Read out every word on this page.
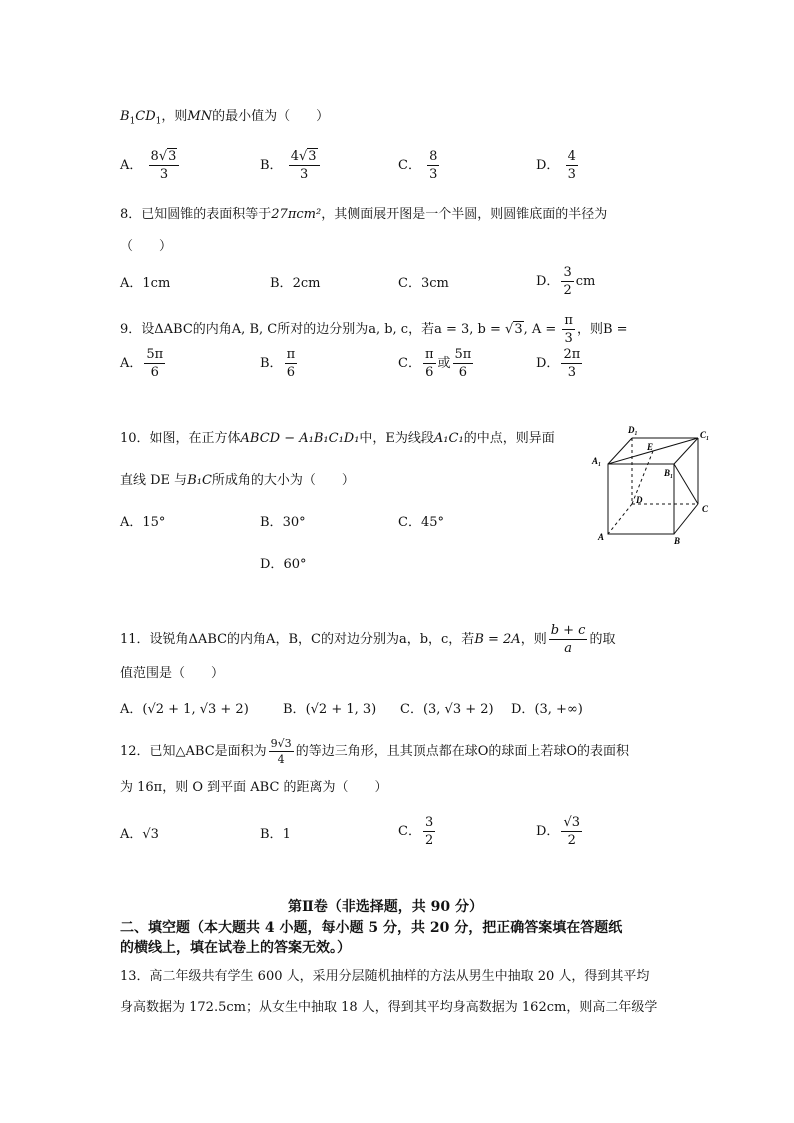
$B_1CD_1$，则MN的最小值为（　　）
A． $\frac{8√3}{3}$	B． $\frac{4√3}{3}$	C． $\frac{8}{3}$	D． $\frac{4}{3}$
8．已知圆锥的表面积等于27πcm²，其侧面展开图是一个半圆，则圆锥底面的半径为
（　　）
A．1cm	B．2cm	C．3cm	D． $\frac{3}{2}$ cm
9．设ΔABC的内角A, B, C所对的边分别为a, b, c，若a = 3, b = √3, $A = \frac{\pi}{3}$ ，则B =
A． $\frac{5\pi}{6}$	B． $\frac{\pi}{6}$	C． $\frac{\pi}{6}$ 或 $\frac{5\pi}{6}$	D． $\frac{2\pi}{3}$
10．如图，在正方体ABCD − A₁B₁C₁D₁中，E为线段A₁C₁的中点，则异面
直线 DE 与B₁C所成角的大小为（　　）
A．15°	B．30°	C．45°
D．60°
D₁	C₁
A₁
B₁
E
D
A	B
C
11．设锐角ΔABC的内角A，B，C的对边分别为a，b，c，若B = 2A，则 $\frac{b + c}{a}$ 的取
值范围是（　　）
A．(√2 + 1, √3 + 2)	B．(√2 + 1, 3) C．(3, √3 + 2) D．(3, +∞)
12．已知△ABC是面积为 $\frac{9√3}{4}$ 的等边三角形，且其顶点都在球O的球面上若球O的表面积
为 16π，则 O 到平面 ABC 的距离为（　　）
A．√3	B．1	C． $\frac{3}{2}$	D． $\frac{√3}{2}$
第Ⅱ卷（非选择题，共 90 分）
二、填空题（本大题共 4 小题，每小题 5 分，共 20 分，把正确答案填在答题纸
的横线上，填在试卷上的答案无效。）
13．高二年级共有学生 600 人，采用分层随机抽样的方法从男生中抽取 20 人，得到其平均
身高数据为 172.5cm；从女生中抽取 18 人，得到其平均身高数据为 162cm，则高二年级学
